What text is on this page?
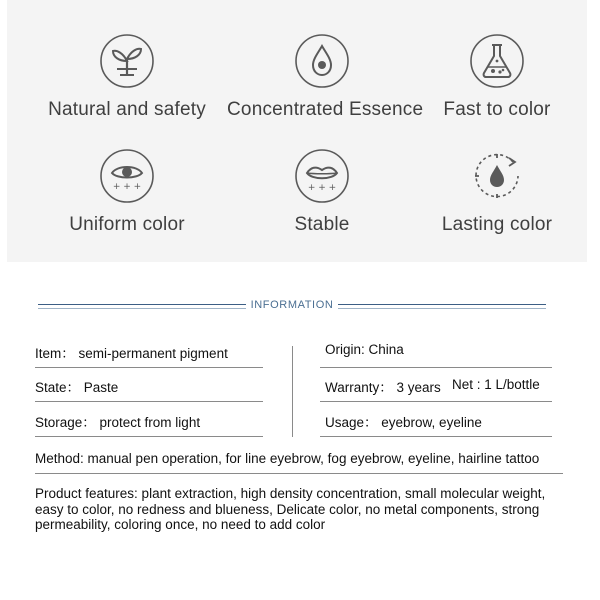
Natural and safety	Concentrated Essence	Fast to color
+ + +
Uniform color
+ + +
Stable	Lasting color
INFORMATION
Item： semi-permanent pigment	Origin: China
State： Paste	Warranty： 3 years Net : 1 L/bottle
Storage： protect from light	Usage： eyebrow, eyeline
Method: manual pen operation, for line eyebrow, fog eyebrow, eyeline, hairline tattoo
Product features: plant extraction, high density concentration, small molecular weight, easy to color, no redness and blueness, Delicate color, no metal components, strong permeability, coloring once, no need to add color
